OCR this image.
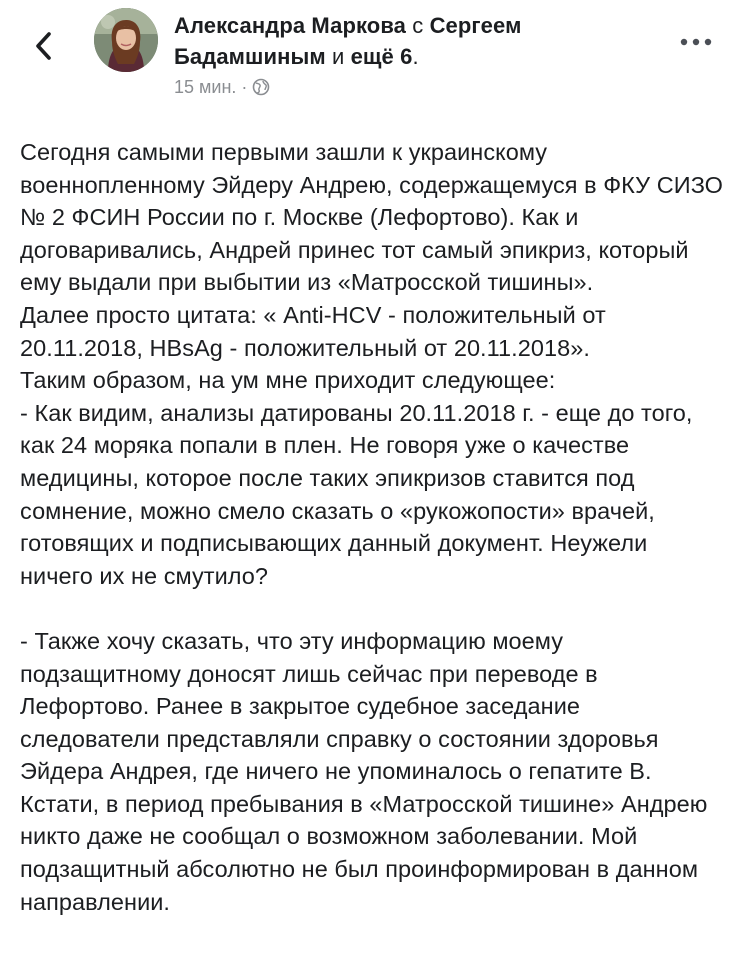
Александра Маркова с Сергеем Бадамшиным и ещё 6.
15 мин. ·

Сегодня самыми первыми зашли к украинскому военнопленному Эйдеру Андрею, содержащемуся в ФКУ СИЗО № 2 ФСИН России по г. Москве (Лефортово). Как и договаривались, Андрей принес тот самый эпикриз, который ему выдали при выбытии из «Матросской тишины».

Далее просто цитата: « Anti-HCV - положительный от 20.11.2018, HBsAg - положительный от 20.11.2018».

Таким образом, на ум мне приходит следующее:

- Как видим, анализы датированы 20.11.2018 г. - еще до того, как 24 моряка попали в плен. Не говоря уже о качестве медицины, которое после таких эпикризов ставится под сомнение, можно смело сказать о «рукожопости» врачей, готовящих и подписывающих данный документ. Неужели ничего их не смутило?

- Также хочу сказать, что эту информацию моему подзащитному доносят лишь сейчас при переводе в Лефортово. Ранее в закрытое судебное заседание следователи представляли справку о состоянии здоровья Эйдера Андрея, где ничего не упоминалось о гепатите В. Кстати, в период пребывания в «Матросской тишине» Андрею никто даже не сообщал о возможном заболевании. Мой подзащитный абсолютно не был проинформирован в данном направлении.
